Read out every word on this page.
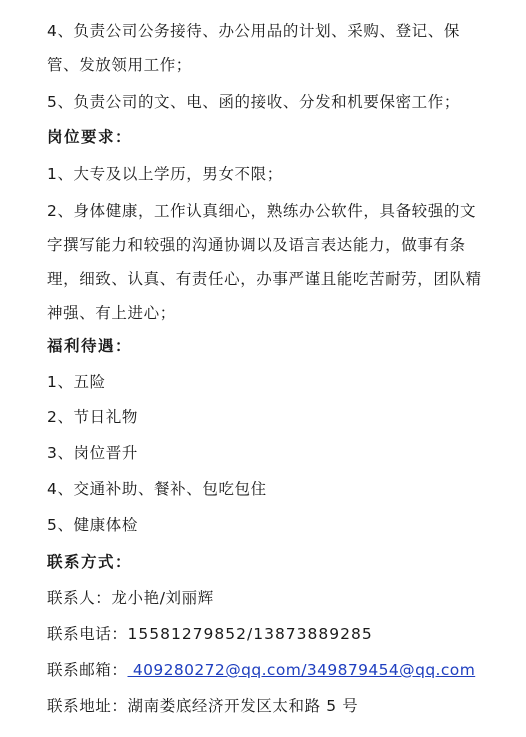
4、负责公司公务接待、办公用品的计划、采购、登记、保管、发放领用工作；
5、负责公司的文、电、函的接收、分发和机要保密工作；
岗位要求：
1、大专及以上学历，男女不限；
2、身体健康，工作认真细心，熟练办公软件，具备较强的文字撰写能力和较强的沟通协调以及语言表达能力，做事有条理，细致、认真、有责任心，办事严谨且能吃苦耐劳，团队精神强、有上进心；
福利待遇：
1、五险
2、节日礼物
3、岗位晋升
4、交通补助、餐补、包吃包住
5、健康体检
联系方式：
联系人：龙小艳/刘丽辉
联系电话：15581279852/13873889285
联系邮箱： 409280272@qq.com/349879454@qq.com
联系地址：湖南娄底经济开发区太和路 5 号
